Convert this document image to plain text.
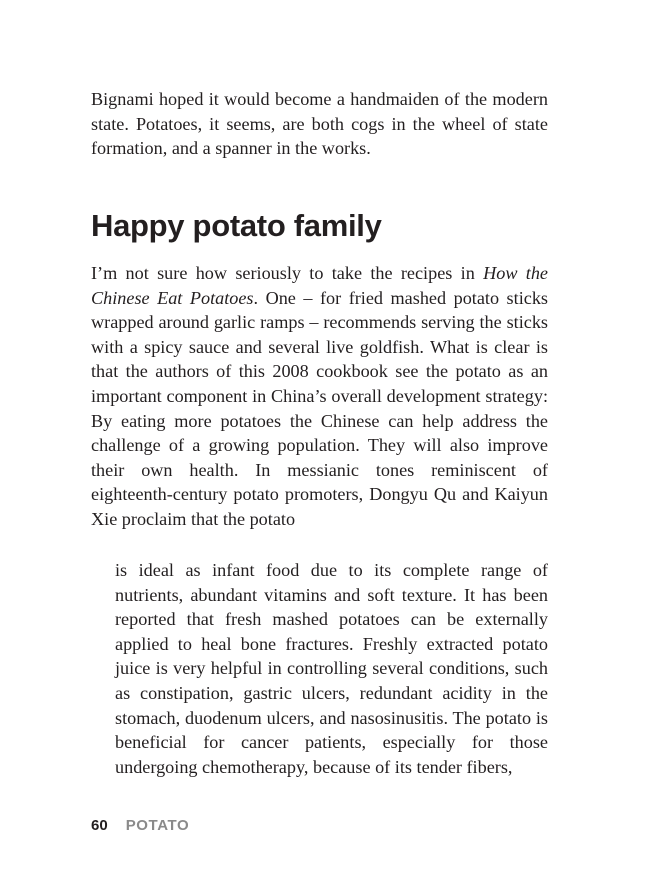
Bignami hoped it would become a handmaiden of the modern state. Potatoes, it seems, are both cogs in the wheel of state formation, and a spanner in the works.

Happy potato family

I’m not sure how seriously to take the recipes in How the Chinese Eat Potatoes. One – for fried mashed potato sticks wrapped around garlic ramps – recommends serving the sticks with a spicy sauce and several live goldfish. What is clear is that the authors of this 2008 cookbook see the potato as an important component in China’s overall development strategy: By eating more potatoes the Chinese can help address the challenge of a growing population. They will also improve their own health. In messianic tones reminiscent of eighteenth-century potato promoters, Dongyu Qu and Kaiyun Xie proclaim that the potato

is ideal as infant food due to its complete range of nutrients, abundant vitamins and soft texture. It has been reported that fresh mashed potatoes can be externally applied to heal bone fractures. Freshly extracted potato juice is very helpful in controlling several conditions, such as constipation, gastric ulcers, redundant acidity in the stomach, duodenum ulcers, and nasosinusitis. The potato is beneficial for cancer patients, especially for those undergoing chemotherapy, because of its tender fibers,

60 POTATO
